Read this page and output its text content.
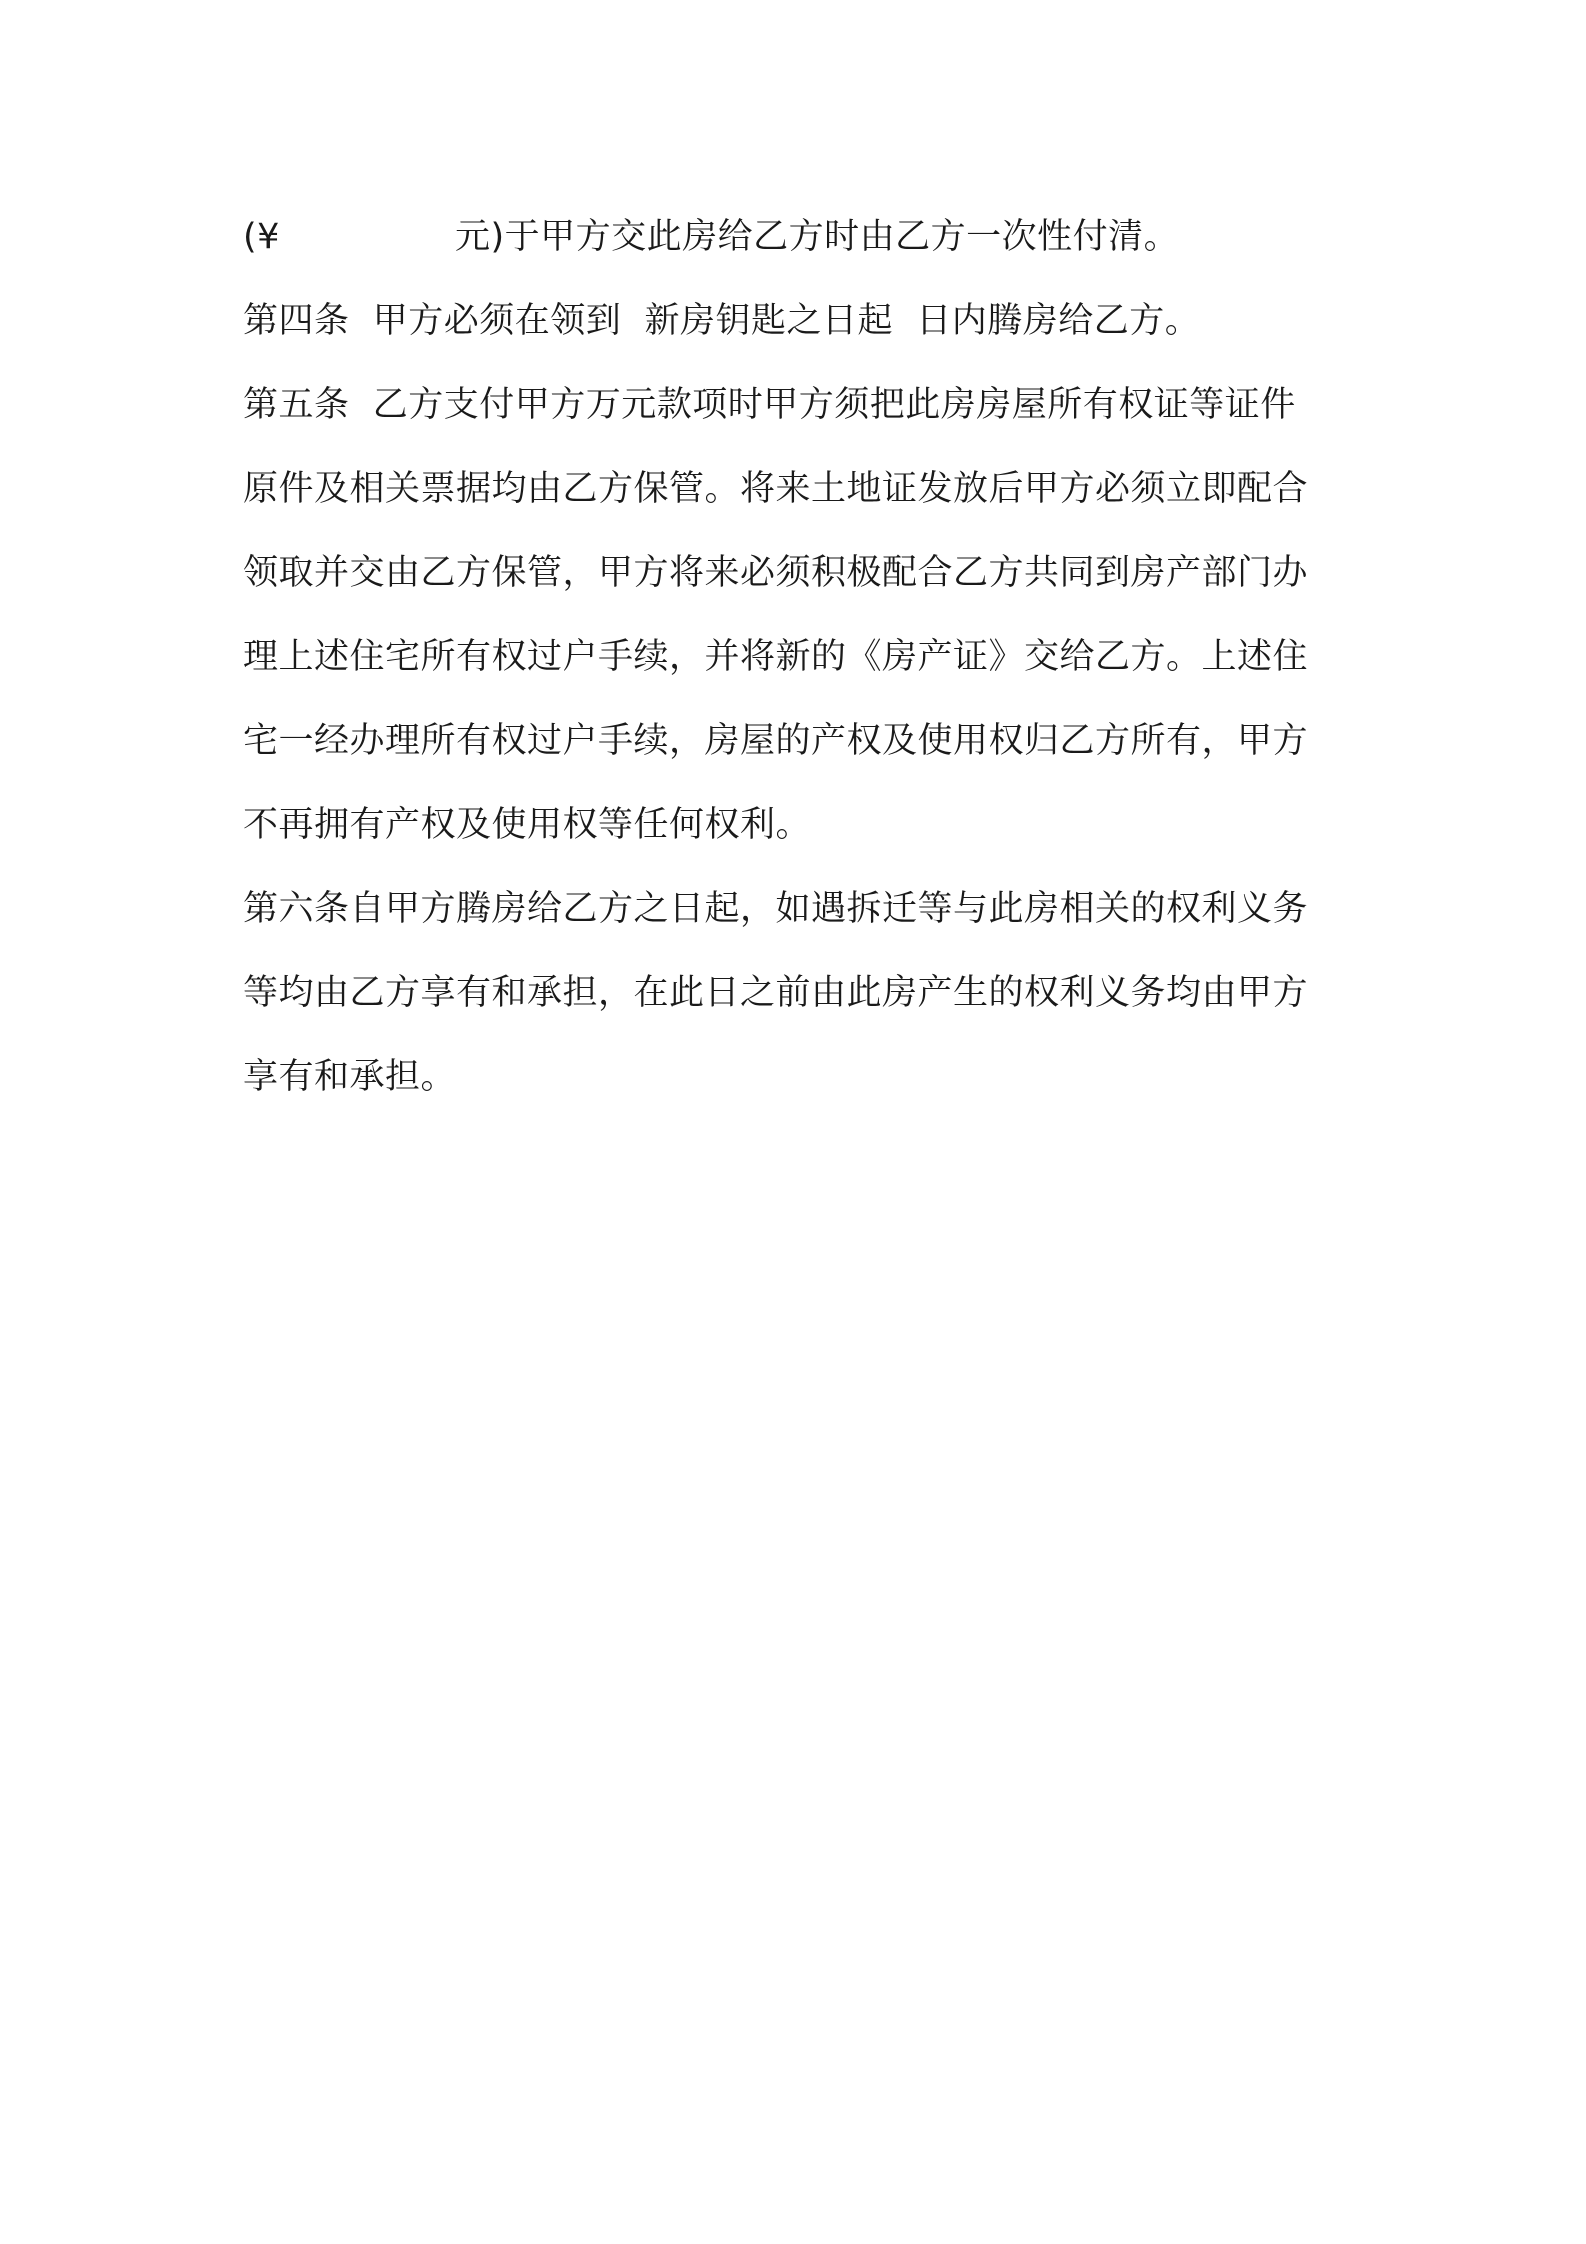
(¥	元)于甲方交此房给乙方时由乙方一次性付清。
第四条  甲方必须在领到  新房钥匙之日起  日内腾房给乙方。
第五条  乙方支付甲方万元款项时甲方须把此房房屋所有权证等证件
原件及相关票据均由乙方保管。将来土地证发放后甲方必须立即配合
领取并交由乙方保管，甲方将来必须积极配合乙方共同到房产部门办
理上述住宅所有权过户手续，并将新的《房产证》交给乙方。上述住
宅一经办理所有权过户手续，房屋的产权及使用权归乙方所有，甲方
不再拥有产权及使用权等任何权利。
第六条自甲方腾房给乙方之日起，如遇拆迁等与此房相关的权利义务
等均由乙方享有和承担，在此日之前由此房产生的权利义务均由甲方
享有和承担。
